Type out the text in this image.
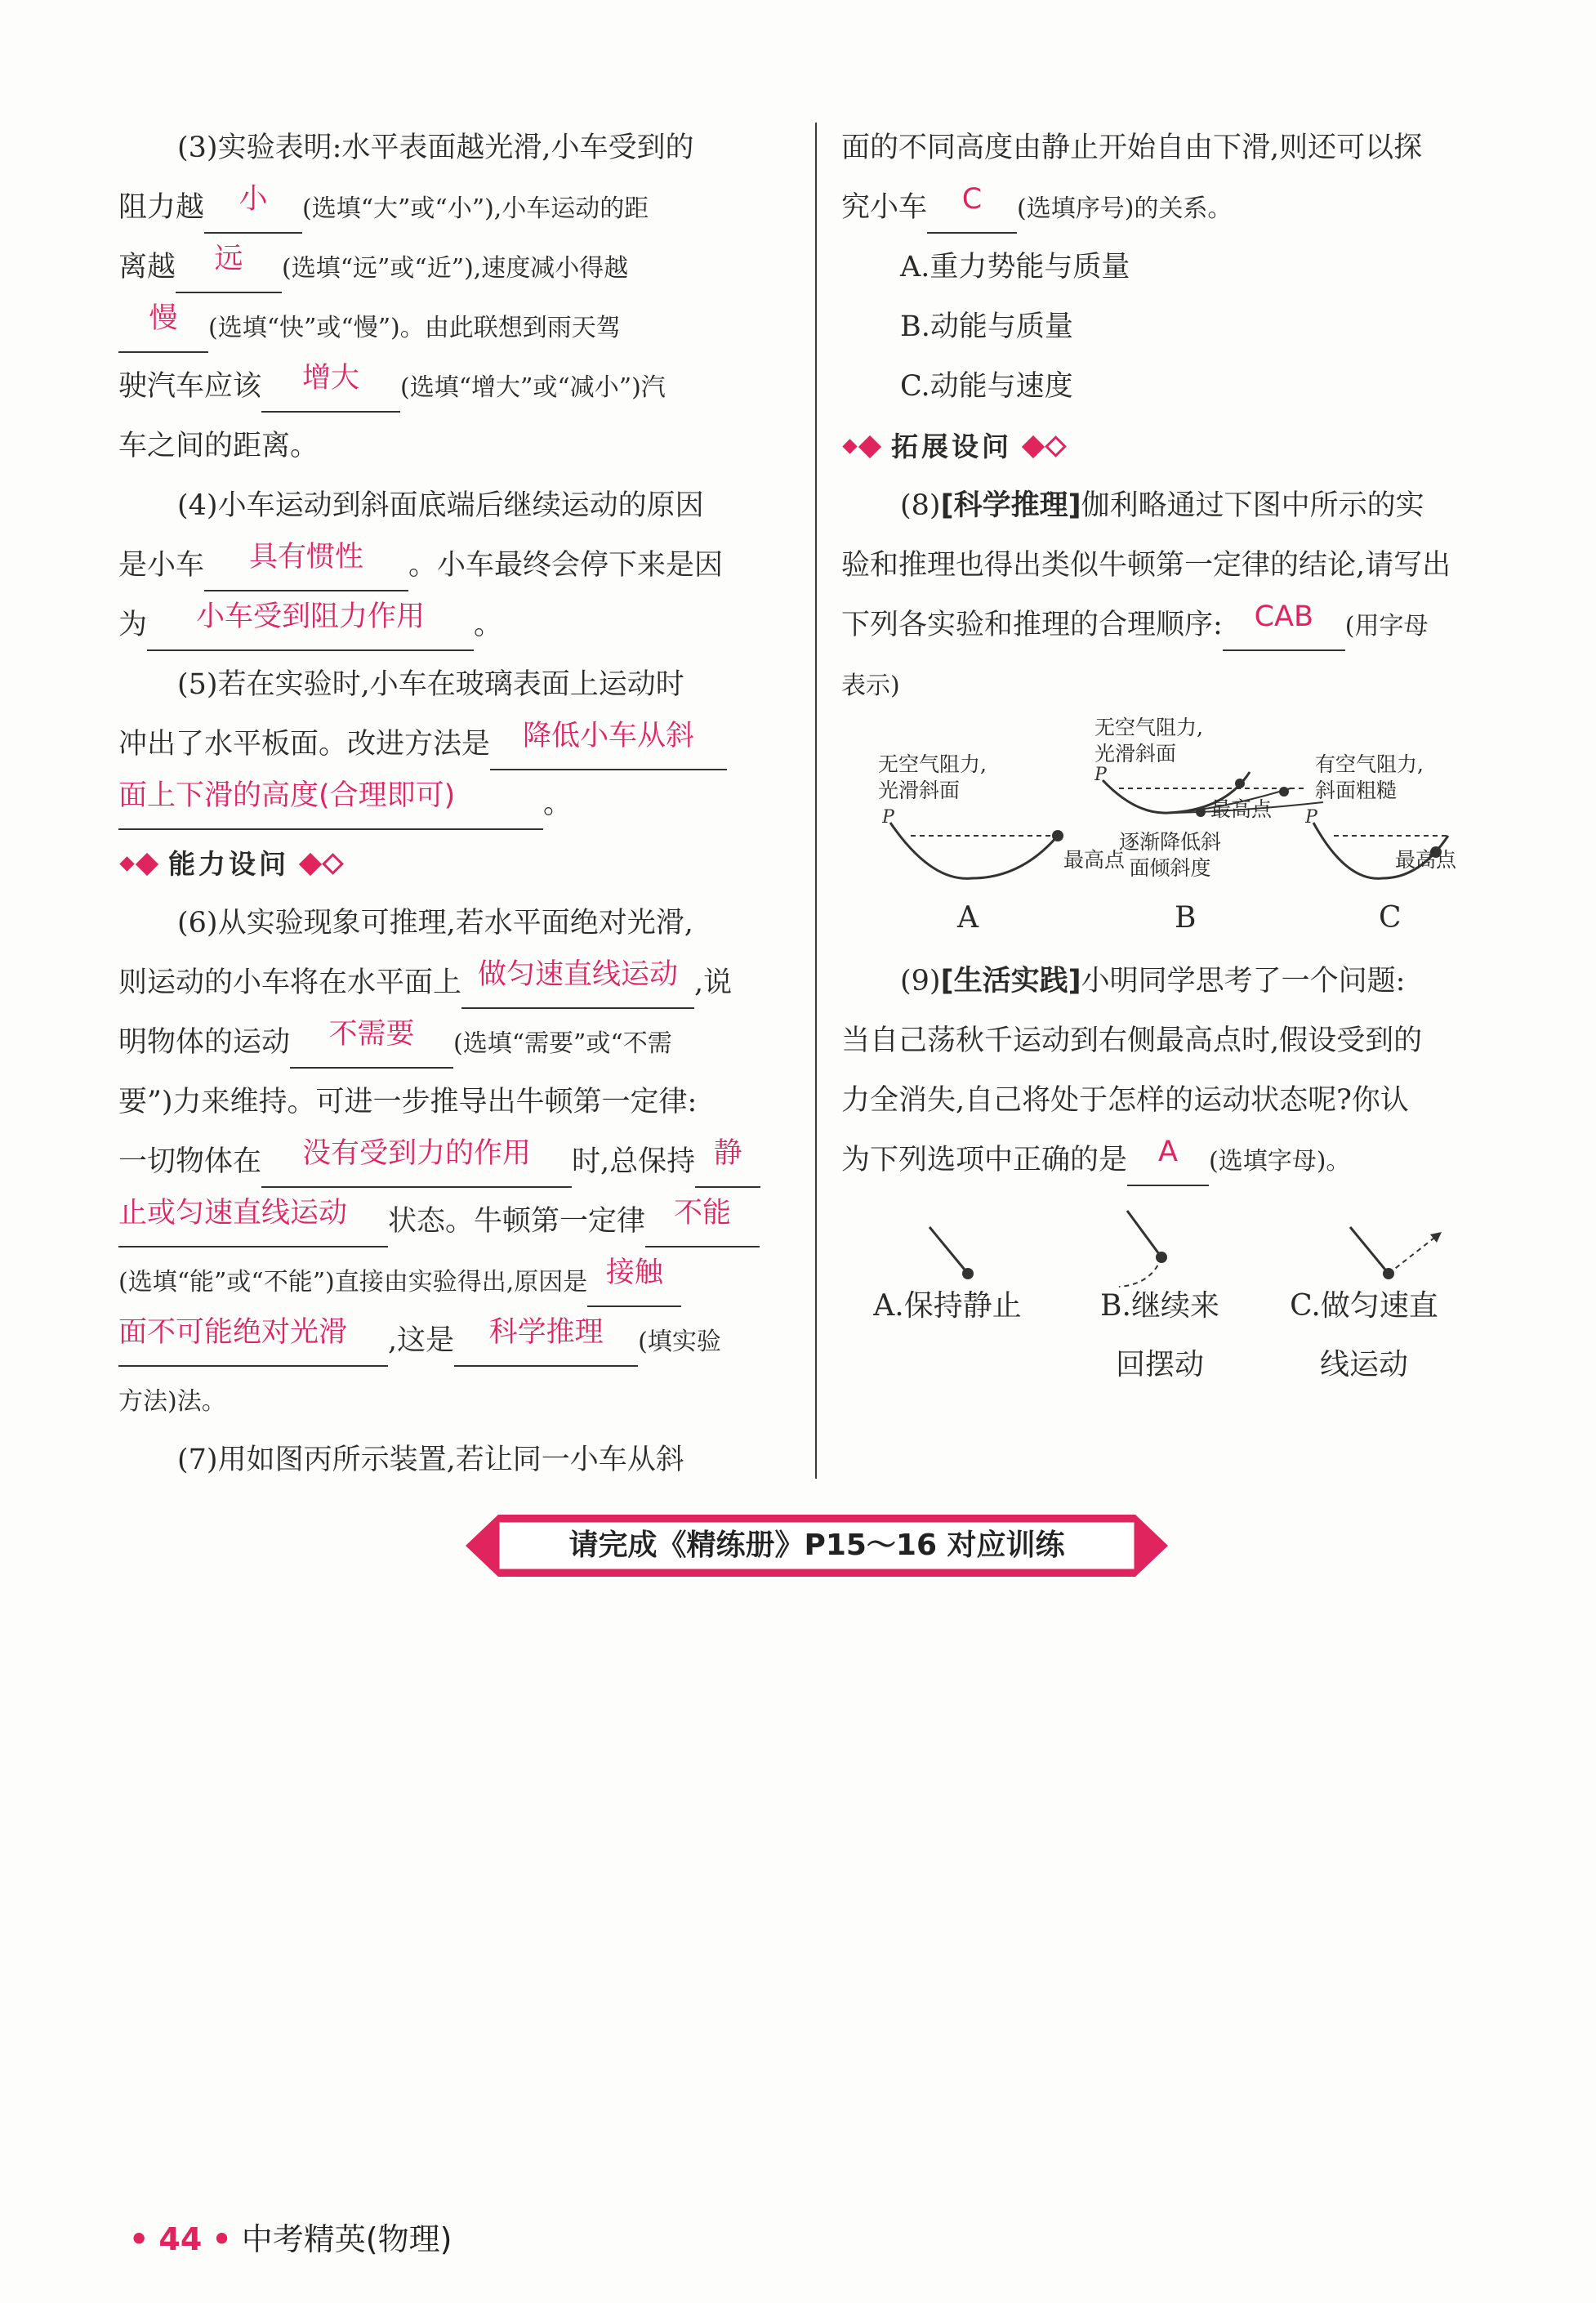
(3)实验表明:水平表面越光滑,小车受到的
阻力越 小 (选填“大”或“小”),小车运动的距
离越 远 (选填“远”或“近”),速度减小得越
慢 (选填“快”或“慢”)。由此联想到雨天驾
驶汽车应该 增大 (选填“增大”或“减小”)汽
车之间的距离。
(4)小车运动到斜面底端后继续运动的原因
是小车 具有惯性 。小车最终会停下来是因
为 小车受到阻力作用 。
(5)若在实验时,小车在玻璃表面上运动时
冲出了水平板面。改进方法是 降低小车从斜
面上下滑的高度(合理即可)	。
能力设问
(6)从实验现象可推理,若水平面绝对光滑,
则运动的小车将在水平面上 做匀速直线运动 ,说
明物体的运动 不需要 (选填“需要”或“不需
要”)力来维持。可进一步推导出牛顿第一定律:
一切物体在 没有受到力的作用 时,总保持 静
止或匀速直线运动 状态。牛顿第一定律 不能
(选填“能”或“不能”)直接由实验得出,原因是 接触
面不可能绝对光滑 ,这是 科学推理 (填实验
方法)法。
(7)用如图丙所示装置,若让同一小车从斜
面的不同高度由静止开始自由下滑,则还可以探
究小车 C (选填序号)的关系。
A.重力势能与质量
B.动能与质量
C.动能与速度
拓展设问
(8)[科学推理]伽利略通过下图中所示的实
验和推理也得出类似牛顿第一定律的结论,请写出
下列各实验和推理的合理顺序: CAB (用字母
表示)
无空气阻力,
光滑斜面
P
最高点
A
无空气阻力,
光滑斜面
P
最高点
逐渐降低斜
面倾斜度
B
有空气阻力,
斜面粗糙
P
最高点
C
(9)[生活实践]小明同学思考了一个问题:
当自己荡秋千运动到右侧最高点时,假设受到的
力全消失,自己将处于怎样的运动状态呢?你认
为下列选项中正确的是 A (选填字母)。
A.保持静止	B.继续来
回摆动
C.做匀速直
线运动
请完成《精练册》P15～16 对应训练
• 44 • 中考精英(物理)
